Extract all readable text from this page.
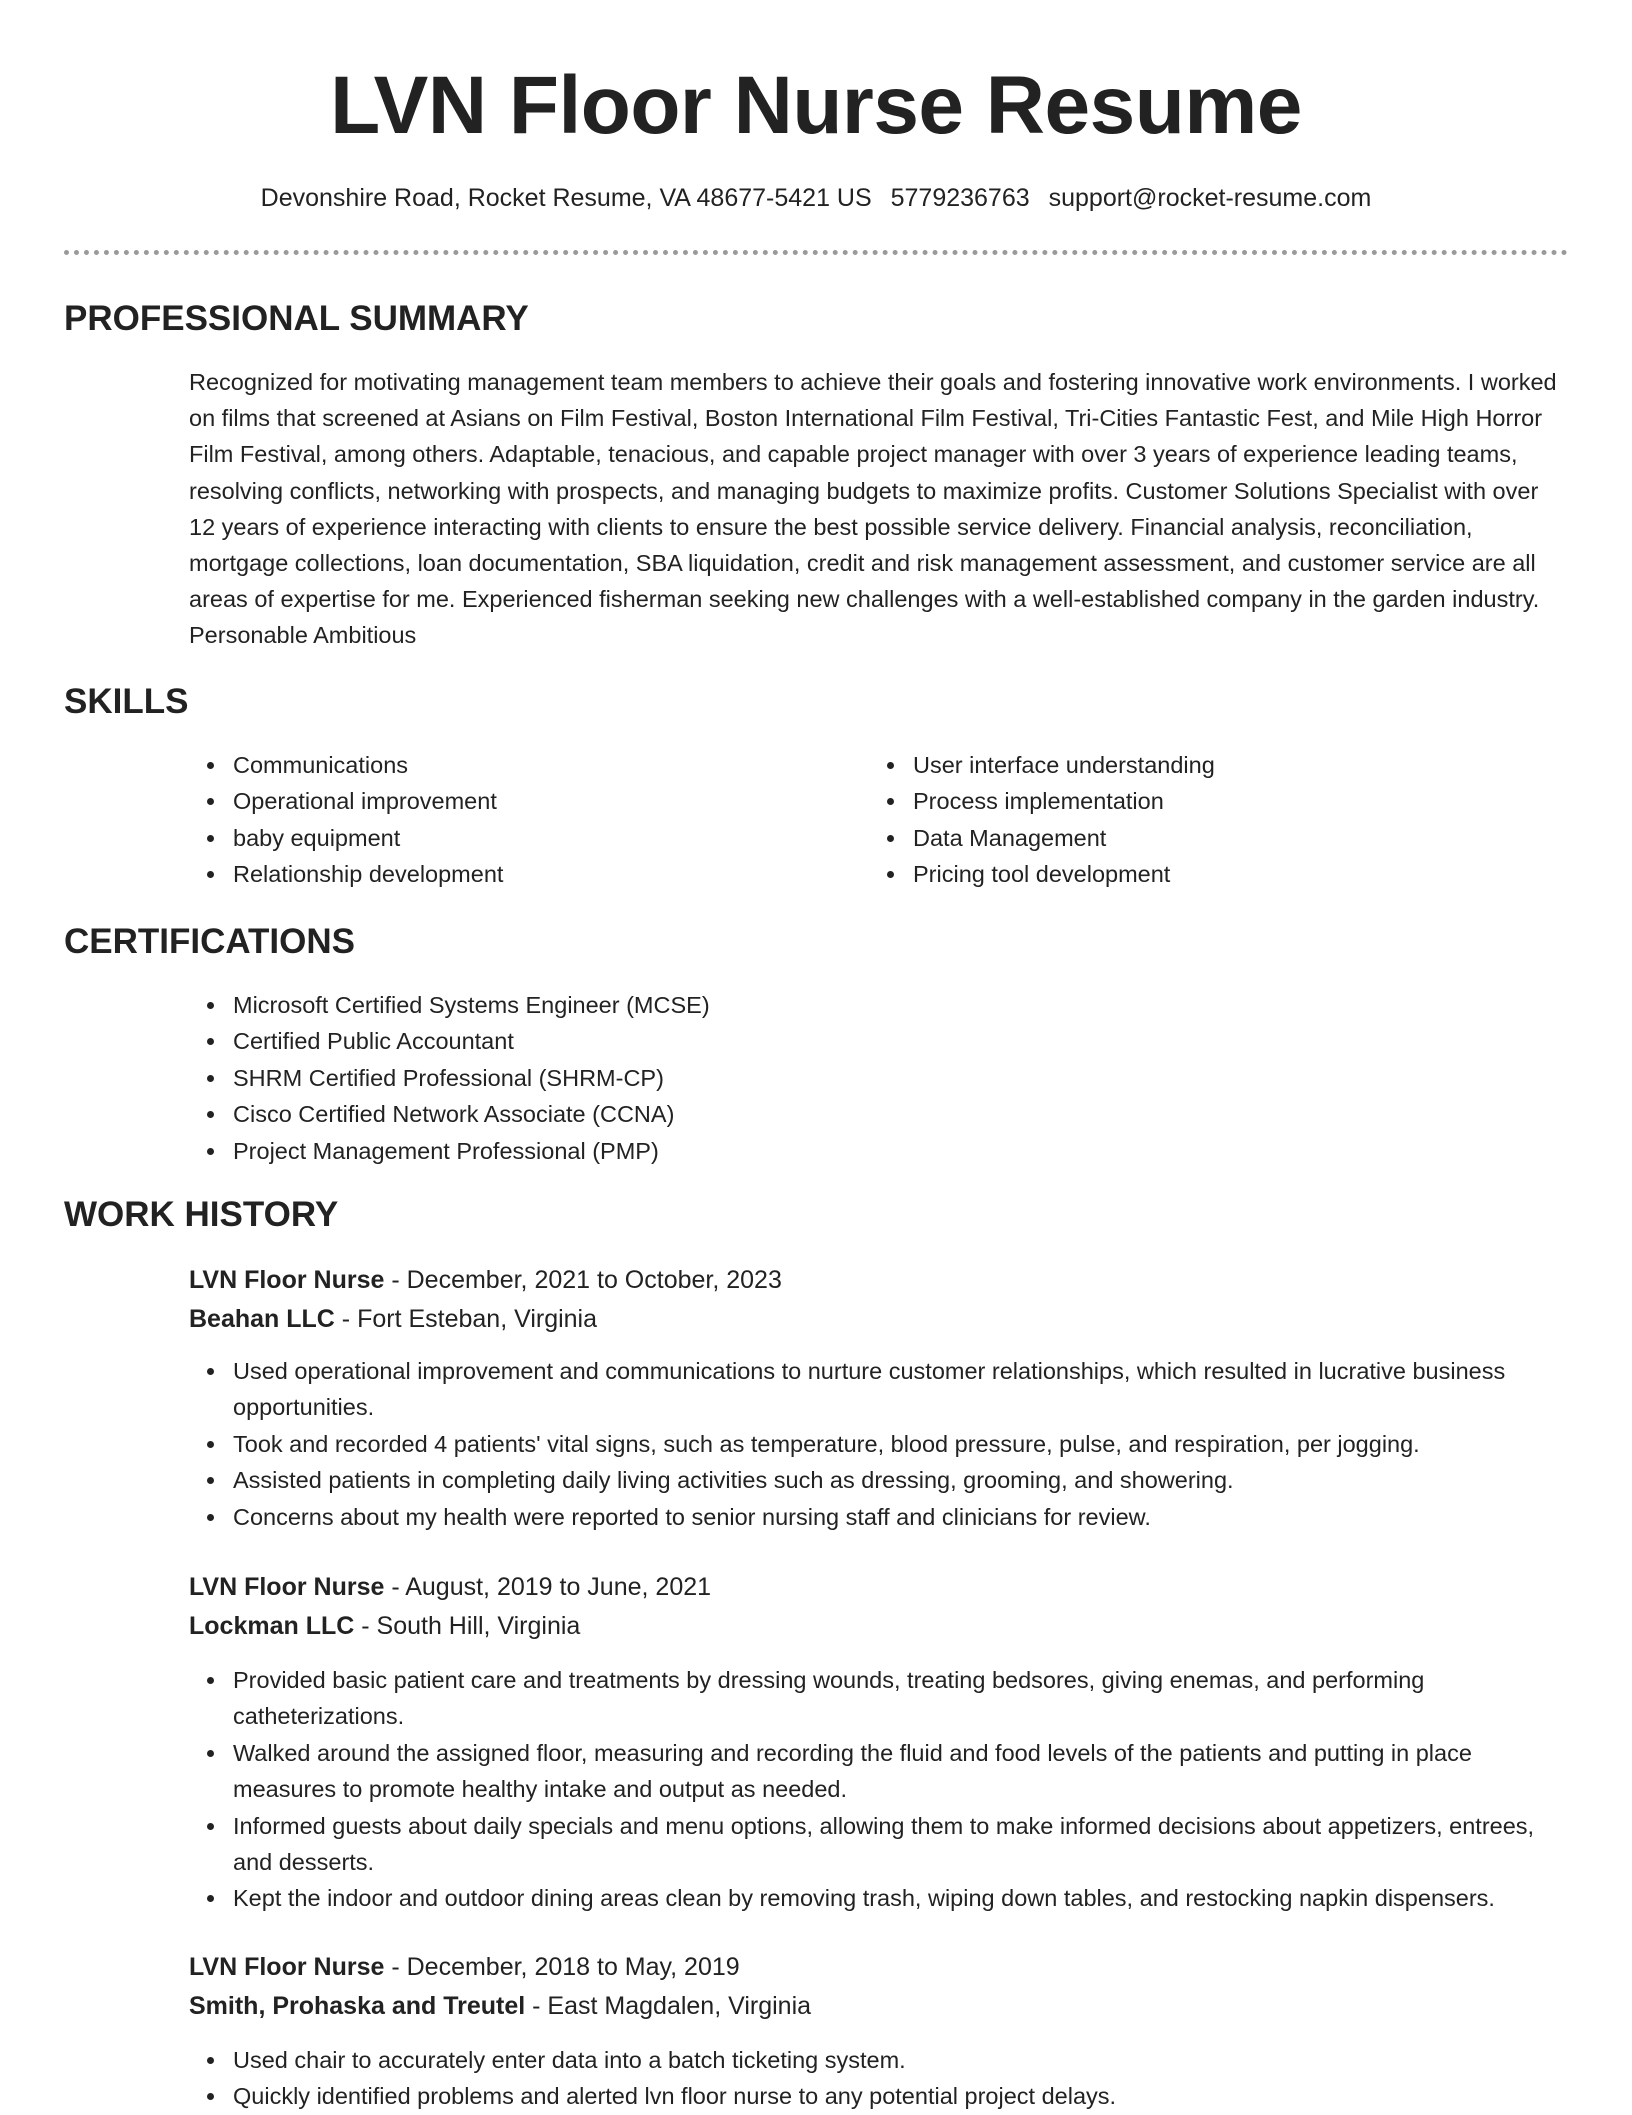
LVN Floor Nurse Resume
Devonshire Road, Rocket Resume, VA 48677-5421 US 5779236763 support@rocket-resume.com
PROFESSIONAL SUMMARY

Recognized for motivating management team members to achieve their goals and fostering innovative work environments. I worked on films that screened at Asians on Film Festival, Boston International Film Festival, Tri-Cities Fantastic Fest, and Mile High Horror Film Festival, among others. Adaptable, tenacious, and capable project manager with over 3 years of experience leading teams, resolving conflicts, networking with prospects, and managing budgets to maximize profits. Customer Solutions Specialist with over 12 years of experience interacting with clients to ensure the best possible service delivery. Financial analysis, reconciliation, mortgage collections, loan documentation, SBA liquidation, credit and risk management assessment, and customer service are all areas of expertise for me. Experienced fisherman seeking new challenges with a well-established company in the garden industry. Personable Ambitious

SKILLS
Communications
Operational improvement
baby equipment
Relationship development
User interface understanding
Process implementation
Data Management
Pricing tool development
CERTIFICATIONS
Microsoft Certified Systems Engineer (MCSE)
Certified Public Accountant
SHRM Certified Professional (SHRM-CP)
Cisco Certified Network Associate (CCNA)
Project Management Professional (PMP)
WORK HISTORY

LVN Floor Nurse - December, 2021 to October, 2023

Beahan LLC - Fort Esteban, Virginia

Used operational improvement and communications to nurture customer relationships, which resulted in lucrative business opportunities.
Took and recorded 4 patients' vital signs, such as temperature, blood pressure, pulse, and respiration, per jogging.
Assisted patients in completing daily living activities such as dressing, grooming, and showering.
Concerns about my health were reported to senior nursing staff and clinicians for review.

LVN Floor Nurse - August, 2019 to June, 2021

Lockman LLC - South Hill, Virginia

Provided basic patient care and treatments by dressing wounds, treating bedsores, giving enemas, and performing catheterizations.
Walked around the assigned floor, measuring and recording the fluid and food levels of the patients and putting in place measures to promote healthy intake and output as needed.
Informed guests about daily specials and menu options, allowing them to make informed decisions about appetizers, entrees, and desserts.
Kept the indoor and outdoor dining areas clean by removing trash, wiping down tables, and restocking napkin dispensers.

LVN Floor Nurse - December, 2018 to May, 2019

Smith, Prohaska and Treutel - East Magdalen, Virginia

Used chair to accurately enter data into a batch ticketing system.
Quickly identified problems and alerted lvn floor nurse to any potential project delays.
